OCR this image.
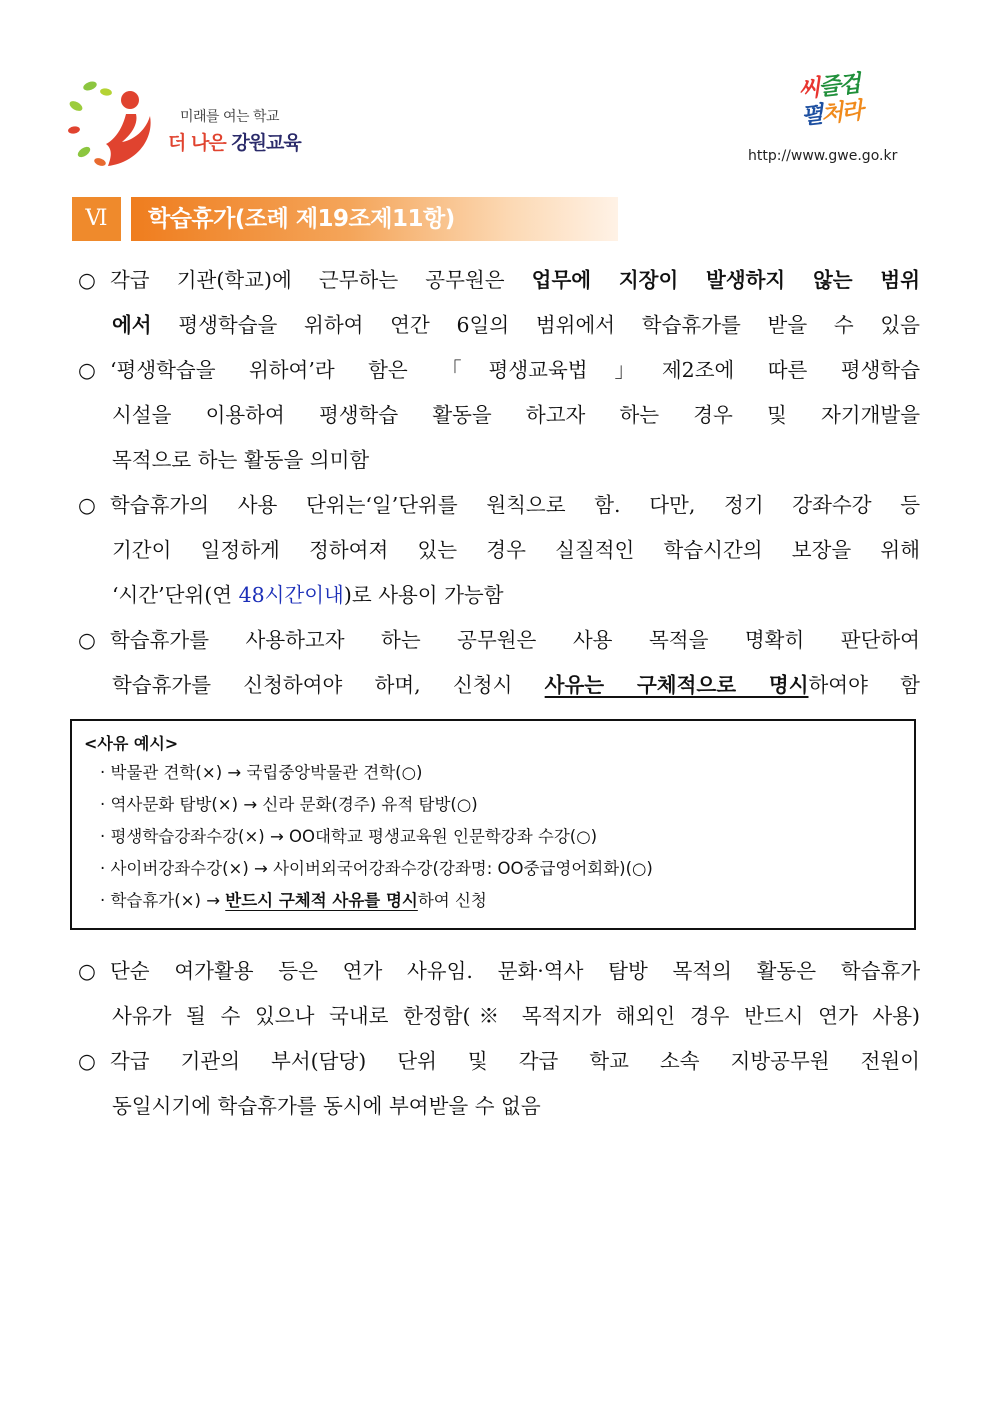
미래를 여는 학교
더 나은 강원교육
씨즐겁
펼처라
http://www.gwe.go.kr
Ⅵ	학습휴가(조례 제19조제11항)
○ 각급 기관(학교)에 근무하는 공무원은 업무에 지장이 발생하지 않는 범위
에서 평생학습을 위하여 연간 6일의 범위에서 학습휴가를 받을 수 있음
○ ‘평생학습을 위하여’라 함은 「평생교육법」제2조에 따른 평생학습
시설을 이용하여 평생학습 활동을 하고자 하는 경우 및 자기개발을
목적으로 하는 활동을 의미함
○ 학습휴가의 사용 단위는‘일’단위를 원칙으로 함. 다만, 정기 강좌수강 등
기간이 일정하게 정하여져 있는 경우 실질적인 학습시간의 보장을 위해
‘시간’단위(연 48시간이내)로 사용이 가능함
○ 학습휴가를 사용하고자 하는 공무원은 사용 목적을 명확히 판단하여
학습휴가를 신청하여야 하며, 신청시 사유는 구체적으로 명시하여야 함

<사유 예시>

· 박물관 견학(×) → 국립중앙박물관 견학(○)

· 역사문화 탐방(×) → 신라 문화(경주) 유적 탐방(○)

· 평생학습강좌수강(×) → OO대학교 평생교육원 인문학강좌 수강(○)

· 사이버강좌수강(×) → 사이버외국어강좌수강(강좌명: OO중급영어회화)(○)

· 학습휴가(×) → 반드시 구체적 사유를 명시하여 신청

○ 단순 여가활용 등은 연가 사유임. 문화·역사 탐방 목적의 활동은 학습휴가
사유가 될 수 있으나 국내로 한정함(※ 목적지가 해외인 경우 반드시 연가 사용)
○ 각급 기관의 부서(담당) 단위 및 각급 학교 소속 지방공무원 전원이
동일시기에 학습휴가를 동시에 부여받을 수 없음
